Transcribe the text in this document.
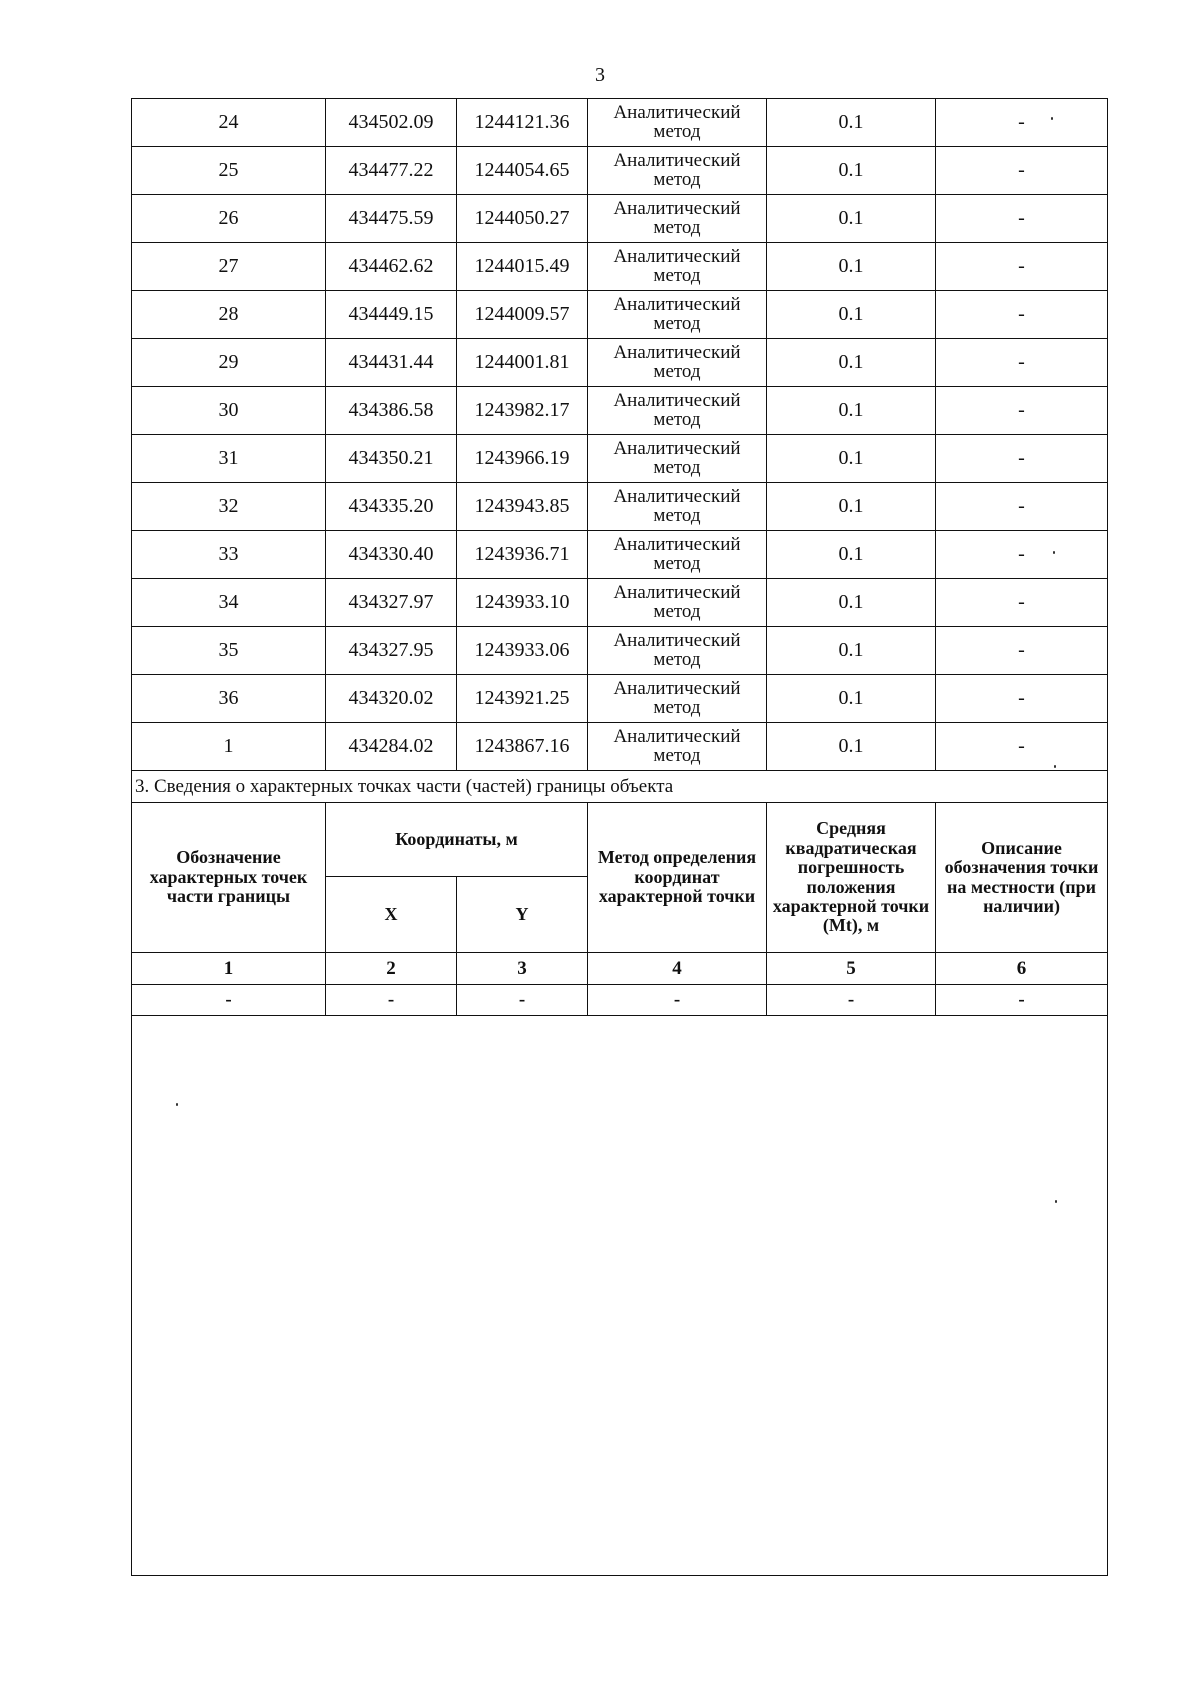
3
24	434502.09	1244121.36	Аналитический метод	0.1	-
25	434477.22	1244054.65	Аналитический метод	0.1	-
26	434475.59	1244050.27	Аналитический метод	0.1	-
27	434462.62	1244015.49	Аналитический метод	0.1	-
28	434449.15	1244009.57	Аналитический метод	0.1	-
29	434431.44	1244001.81	Аналитический метод	0.1	-
30	434386.58	1243982.17	Аналитический метод	0.1	-
31	434350.21	1243966.19	Аналитический метод	0.1	-
32	434335.20	1243943.85	Аналитический метод	0.1	-
33	434330.40	1243936.71	Аналитический метод	0.1	-
34	434327.97	1243933.10	Аналитический метод	0.1	-
35	434327.95	1243933.06	Аналитический метод	0.1	-
36	434320.02	1243921.25	Аналитический метод	0.1	-
1	434284.02	1243867.16	Аналитический метод	0.1	-
3. Сведения о характерных точках части (частей) границы объекта					
Обозначение характерных точек части границы	Координаты, м		Метод определения координат характерной точки	Средняя квадратическая погрешность положения характерной точки (Mt), м	Описание обозначения точки на местности (при наличии)
	X	Y			
1	2	3	4	5	6
-	-	-	-	-	-
